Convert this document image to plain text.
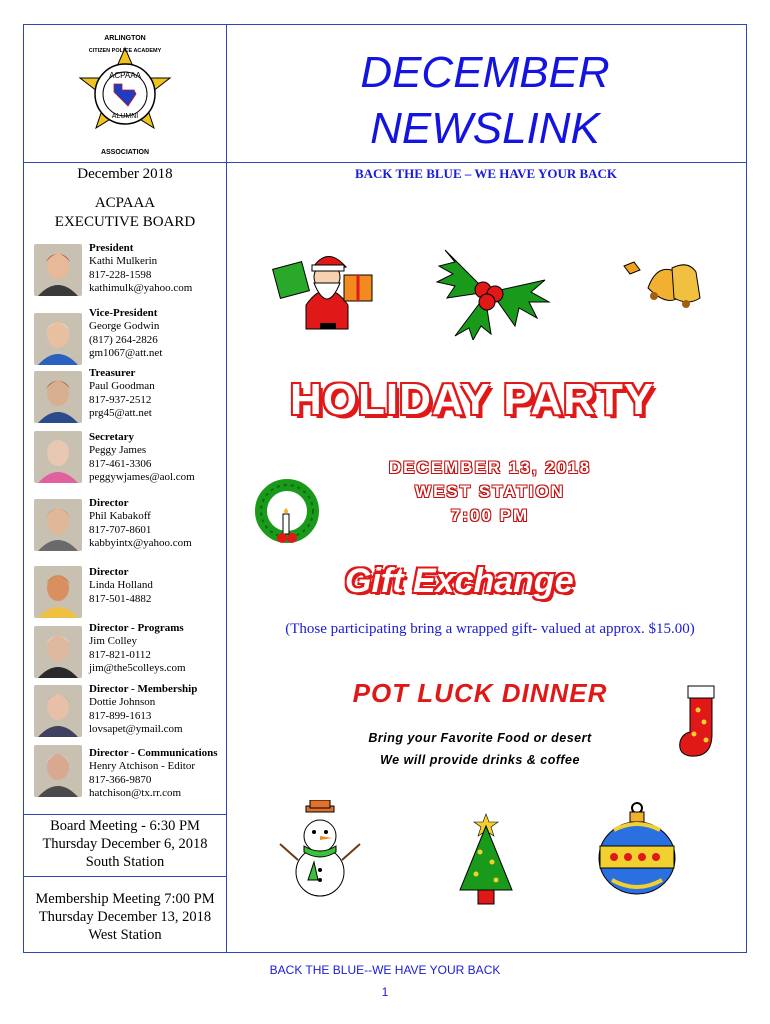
ARLINGTON
ACPAAA
ALUMNI
ASSOCIATION
CITIZEN POLICE ACADEMY	DECEMBER
NEWSLINK
December 2018	BACK THE BLUE – WE HAVE YOUR BACK
ACPAAA
EXECUTIVE BOARD
President
Kathi Mulkerin
817-228-1598
kathimulk@yahoo.com
Vice-President
George Godwin
(817) 264-2826
gm1067@att.net
Treasurer
Paul Goodman
817-937-2512
prg45@att.net
Secretary
Peggy James
817-461-3306
peggywjames@aol.com
Director
Phil Kabakoff
817-707-8601
kabbyintx@yahoo.com
Director
Linda Holland
817-501-4882
Director - Programs
Jim Colley
817-821-0112
jim@the5colleys.com
Director - Membership
Dottie Johnson
817-899-1613
lovsapet@ymail.com
Director - Communications
Henry Atchison - Editor
817-366-9870
hatchison@tx.rr.com
Board Meeting - 6:30 PM
Thursday December 6, 2018
South Station
Membership Meeting 7:00 PM
Thursday December 13, 2018
West Station
HOLIDAY PARTY
DECEMBER 13, 2018
WEST STATION
7:00 PM
Gift Exchange
(Those participating bring a wrapped gift- valued at approx. $15.00)
POT LUCK DINNER
Bring your Favorite Food or desert
We will provide drinks & coffee
BACK THE BLUE--WE HAVE YOUR BACK
1
